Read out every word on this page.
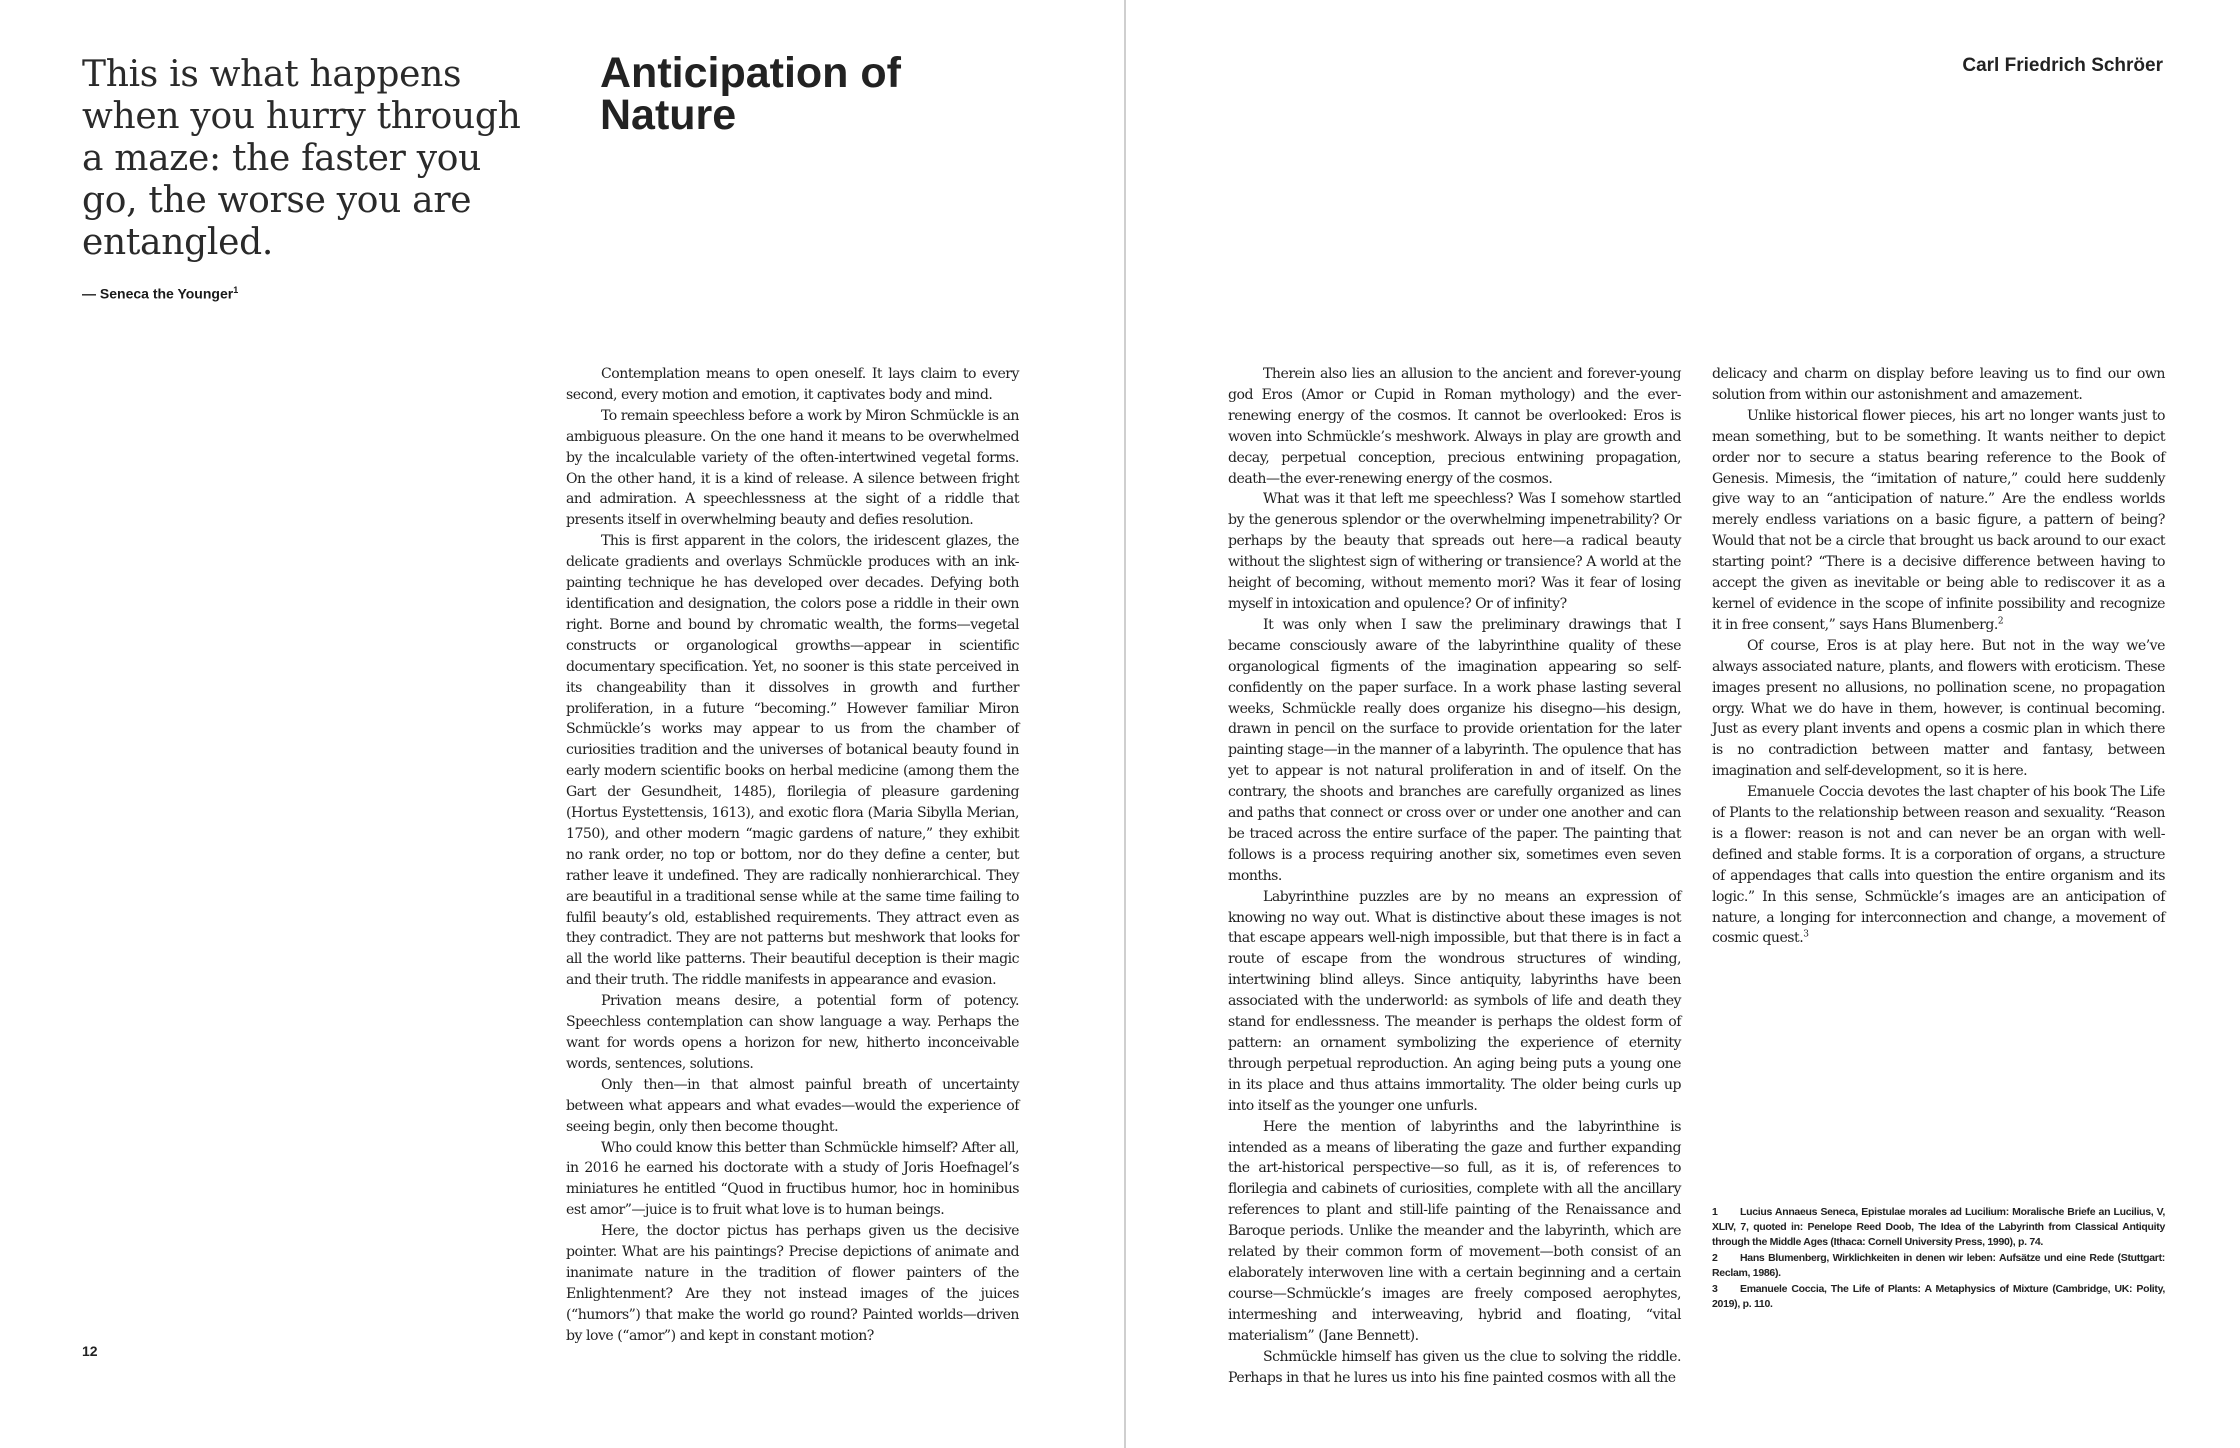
This is what happens when you hurry through a maze: the faster you go, the worse you are entangled.

— Seneca the Younger$^1$
Anticipation of Nature

Contemplation means to open oneself. It lays claim to every second, every motion and emotion, it captivates body and mind.

To remain speechless before a work by Miron Schmückle is an ambiguous pleasure. On the one hand it means to be overwhelmed by the incalculable variety of the often-intertwined vegetal forms. On the other hand, it is a kind of release. A silence between fright and admiration. A speechlessness at the sight of a riddle that presents itself in overwhelming beauty and defies resolution.

This is first apparent in the colors, the iridescent glazes, the delicate gradients and overlays Schmückle produces with an ink-painting technique he has developed over decades. Defying both identification and designation, the colors pose a riddle in their own right. Borne and bound by chromatic wealth, the forms—vegetal constructs or organological growths—appear in scientific documentary specification. Yet, no sooner is this state perceived in its changeability than it dissolves in growth and further proliferation, in a future “becoming.” However familiar Miron Schmückle’s works may appear to us from the chamber of curiosities tradition and the universes of botanical beauty found in early modern scientific books on herbal medicine (among them the Gart der Gesundheit, 1485), florilegia of pleasure gardening (Hortus Eystettensis, 1613), and exotic flora (Maria Sibylla Merian, 1750), and other modern “magic gardens of nature,” they exhibit no rank order, no top or bottom, nor do they define a center, but rather leave it undefined. They are radically nonhierarchical. They are beautiful in a traditional sense while at the same time failing to fulfil beauty’s old, established requirements. They attract even as they contradict. They are not patterns but meshwork that looks for all the world like patterns. Their beautiful deception is their magic and their truth. The riddle manifests in appearance and evasion.

Privation means desire, a potential form of potency. Speechless contemplation can show language a way. Perhaps the want for words opens a horizon for new, hitherto inconceivable words, sentences, solutions.

Only then—in that almost painful breath of uncertainty between what appears and what evades—would the experience of seeing begin, only then become thought.

Who could know this better than Schmückle himself? After all, in 2016 he earned his doctorate with a study of Joris Hoefnagel’s miniatures he entitled “Quod in fructibus humor, hoc in hominibus est amor”—juice is to fruit what love is to human beings.

Here, the doctor pictus has perhaps given us the decisive pointer. What are his paintings? Precise depictions of animate and inanimate nature in the tradition of flower painters of the Enlightenment? Are they not instead images of the juices (“humors”) that make the world go round? Painted worlds—driven by love (“amor”) and kept in constant motion?

12
Carl Friedrich Schröer

Therein also lies an allusion to the ancient and forever-young god Eros (Amor or Cupid in Roman mythology) and the ever-renewing energy of the cosmos. It cannot be overlooked: Eros is woven into Schmückle’s meshwork. Always in play are growth and decay, perpetual conception, precious entwining propagation, death—the ever-renewing energy of the cosmos.

What was it that left me speechless? Was I somehow startled by the generous splendor or the overwhelming impenetrability? Or perhaps by the beauty that spreads out here—a radical beauty without the slightest sign of withering or transience? A world at the height of becoming, without memento mori? Was it fear of losing myself in intoxication and opulence? Or of infinity?

It was only when I saw the preliminary drawings that I became consciously aware of the labyrinthine quality of these organological figments of the imagination appearing so self-confidently on the paper surface. In a work phase lasting several weeks, Schmückle really does organize his disegno—his design, drawn in pencil on the surface to provide orientation for the later painting stage—in the manner of a labyrinth. The opulence that has yet to appear is not natural proliferation in and of itself. On the contrary, the shoots and branches are carefully organized as lines and paths that connect or cross over or under one another and can be traced across the entire surface of the paper. The painting that follows is a process requiring another six, sometimes even seven months.

Labyrinthine puzzles are by no means an expression of knowing no way out. What is distinctive about these images is not that escape appears well-nigh impossible, but that there is in fact a route of escape from the wondrous structures of winding, intertwining blind alleys. Since antiquity, labyrinths have been associated with the underworld: as symbols of life and death they stand for endlessness. The meander is perhaps the oldest form of pattern: an ornament symbolizing the experience of eternity through perpetual reproduction. An aging being puts a young one in its place and thus attains immortality. The older being curls up into itself as the younger one unfurls.

Here the mention of labyrinths and the labyrinthine is intended as a means of liberating the gaze and further expanding the art-historical perspective—so full, as it is, of references to florilegia and cabinets of curiosities, complete with all the ancillary references to plant and still-life painting of the Renaissance and Baroque periods. Unlike the meander and the labyrinth, which are related by their common form of movement—both consist of an elaborately interwoven line with a certain beginning and a certain course—Schmückle’s images are freely composed aerophytes, intermeshing and interweaving, hybrid and floating, “vital materialism” (Jane Bennett).

Schmückle himself has given us the clue to solving the riddle. Perhaps in that he lures us into his fine painted cosmos with all the

delicacy and charm on display before leaving us to find our own solution from within our astonishment and amazement.

Unlike historical flower pieces, his art no longer wants just to mean something, but to be something. It wants neither to depict order nor to secure a status bearing reference to the Book of Genesis. Mimesis, the “imitation of nature,” could here suddenly give way to an “anticipation of nature.” Are the endless worlds merely endless variations on a basic figure, a pattern of being? Would that not be a circle that brought us back around to our exact starting point? “There is a decisive difference between having to accept the given as inevitable or being able to rediscover it as a kernel of evidence in the scope of infinite possibility and recognize it in free consent,” says Hans Blumenberg.$^2$

Of course, Eros is at play here. But not in the way we’ve always associated nature, plants, and flowers with eroticism. These images present no allusions, no pollination scene, no propagation orgy. What we do have in them, however, is continual becoming. Just as every plant invents and opens a cosmic plan in which there is no contradiction between matter and fantasy, between imagination and self-development, so it is here.

Emanuele Coccia devotes the last chapter of his book The Life of Plants to the relationship between reason and sexuality. “Reason is a flower: reason is not and can never be an organ with well-defined and stable forms. It is a corporation of organs, a structure of appendages that calls into question the entire organism and its logic.” In this sense, Schmückle’s images are an anticipation of nature, a longing for interconnection and change, a movement of cosmic quest.$^3$

1 Lucius Annaeus Seneca, Epistulae morales ad Lucilium: Moralische Briefe an Lucilius, V, XLIV, 7, quoted in: Penelope Reed Doob, The Idea of the Labyrinth from Classical Antiquity through the Middle Ages (Ithaca: Cornell University Press, 1990), p. 74.
2 Hans Blumenberg, Wirklichkeiten in denen wir leben: Aufsätze und eine Rede (Stuttgart: Reclam, 1986).
3 Emanuele Coccia, The Life of Plants: A Metaphysics of Mixture (Cambridge, UK: Polity, 2019), p. 110.
